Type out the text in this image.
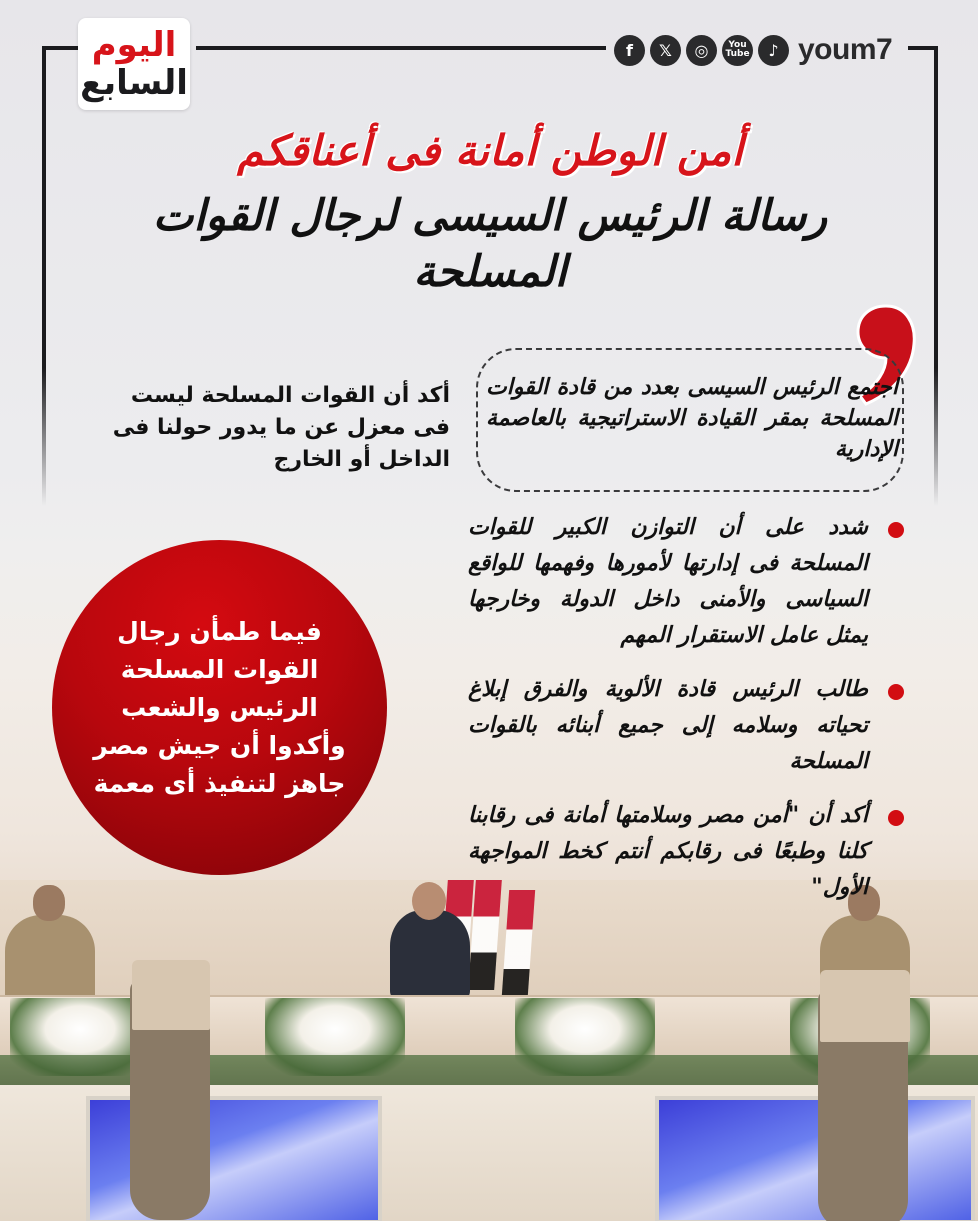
اليوم
السابع
f	𝕏	◎	You
Tube	♪ youm7
أمن الوطن أمانة فى أعناقكم
رسالة الرئيس السيسى لرجال القوات المسلحة

اجتمع الرئيس السيسى بعدد من قادة القوات المسلحة بمقر القيادة الاستراتيجية بالعاصمة الإدارية

أكد أن القوات المسلحة ليست فى معزل عن ما يدور حولنا فى الداخل أو الخارج

فيما طمأن رجال القوات المسلحة الرئيس والشعب وأكدوا أن جيش مصر جاهز لتنفيذ أى معمة

شدد على أن التوازن الكبير للقوات المسلحة فى إدارتها لأمورها وفهمها للواقع السياسى والأمنى داخل الدولة وخارجها يمثل عامل الاستقرار المهم
طالب الرئيس قادة الألوية والفرق إبلاغ تحياته وسلامه إلى جميع أبنائه بالقوات المسلحة
أكد أن "أمن مصر وسلامتها أمانة فى رقابنا كلنا وطبعًا فى رقابكم أنتم كخط المواجهة الأول"
